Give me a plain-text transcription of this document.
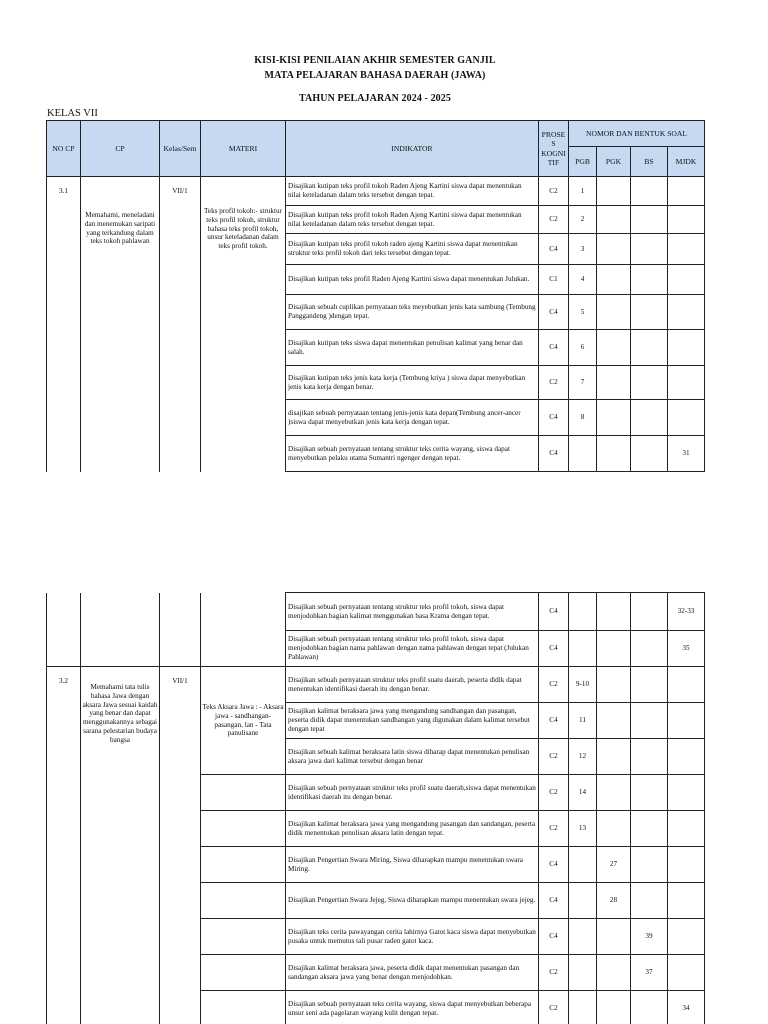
KISI-KISI PENILAIAN AKHIR SEMESTER GANJIL
MATA PELAJARAN BAHASA DAERAH (JAWA)
TAHUN PELAJARAN 2024 - 2025
KELAS VII
NO CP	CP	Kelas/Sem	MATERI	INDIKATOR	PROSE S KOGNI TIF	NOMOR DAN BENTUK SOAL			
						PGB	PGK	BS	MJDK
3.1	Memahami, meneladani dan menemukan saripati yang terkandung dalam teks tokoh pahlawan	VII/1	Teks profil tokoh:- struktur teks profil tokoh, struktur bahasa teks profil tokoh, unsur keteladanan dalam teks profil tokoh.	Disajikan kutipan teks profil tokoh Raden Ajeng Kartini siswa dapat menentukan nilai keteladanan dalam teks tersebut dengan tepat.	C2	1			
				Disajikan kutipan teks profil tokoh Raden Ajeng Kartini siswa dapat menentukan nilai keteladanan dalam teks tersebut dengan tepat.	C2	2			
				Disajikan kutipan teks profil tokoh raden ajeng Kartini siswa dapat menentukan struktur teks profil tokoh dari teks tersebut dengan tepat.	C4	3			
				Disajikan kutipan teks profil Raden Ajeng Kartini siswa dapat menentukan Julukan.	C1	4			
				Disajikan sebuah cuplikan pernyataan teks meyebutkan jenis kata sambung (Tembung Panggandeng )dengan tepat.	C4	5			
				Disajikan kutipan teks siswa dapat menentukan penulisan kalimat yang benar dan salah.	C4	6			
				Disajikan kutipan teks jenis kata kerja (Tembung kriya ) siswa dapat menyebutkan jenis kata kerja dengan benar.	C2	7			
				disajikan sebuah pernyataan tentang jenis-jenis kata depan(Tembung ancer-ancer )siswa dapat menyebutkan jenis kata kerja dengan tepat.	C4	8			
				Disajikan sebuah pernyataan tentang struktur teks cerita wayang, siswa dapat menyebutkan pelaku utama Sumantri ngenger dengan tepat.	C4				31
				Disajikan sebuah pernyataan tentang struktur teks profil tokoh, siswa dapat menjodohkan bagian kalimat menggunakan basa Krama dengan tepat.	C4				32-33
				Disajikan sebuah pernyataan tentang struktur teks profil tokoh, siswa dapat menjodohkan bagian nama pahlawan dengan nama pahlawan dengan tepat (Julukan Pahlawan)	C4				35
3.2	Memahami tata tulis bahasa Jawa dengan aksara Jawa sesuai kaidah yang benar dan dapat menggunakannya sebagai sarana pelestarian budaya bangsa	VII/1	Teks Aksara Jawa : - Aksara jawa - sandhangan- pasangan, lan - Tata panulisane	Disajikan sebuah pernyataan struktur teks profil suatu daerah, peserta didik dapat menentukan identifikasi daerah itu dengan benar.	C2	9-10			
				Disajikan kalimat beraksara jawa yang mengandung sandhangan dan pasangan, peserta didik dapat menentukan sandhangan yang digunakan dalam kalimat tersebut dengan tepat	C4	11			
				Disajikan sebuah kalimat beraksara latin siswa diharap dapat menentukan penulisan aksara jawa dari kalimat tersebut dengan benar	C2	12			
				Disajikan sebuah pernyataan struktur teks profil suatu daerah,siswa dapat menentukan identifikasi daerah itu dengan benar.	C2	14			
				Disajikan kalimat beraksara jawa yang mengandung pasangan dan sandangan, peserta didik menentukan penulisan aksara latin dengan tepat.	C2	13			
				Disajikan Pengertian Swara Miring, Siswa diharapkan mampu menentukan swara Miring.	C4		27		
				Disajikan Pengertian Swara Jejeg, Siswa diharapkan mampu menentukan swara jejeg.	C4		28		
				Disajikan teks cerita pawayangan cerita lahirnya Gatot kaca siswa dapat menyebutkan pusaka untuk memutus tali pusar raden gatot kaca.	C4			39	
				Disajikan kalimat beraksara jawa, peserta didik dapat menentukan pasangan dan sandangan aksara jawa yang benar dengan menjodohkan.	C2			37	
				Disajikan sebuah pernyataan teks cerita wayang, siswa dapat menyebutkan beberapa unsur seni ada pagelaran wayang kulit dengan tepat.	C2				34
